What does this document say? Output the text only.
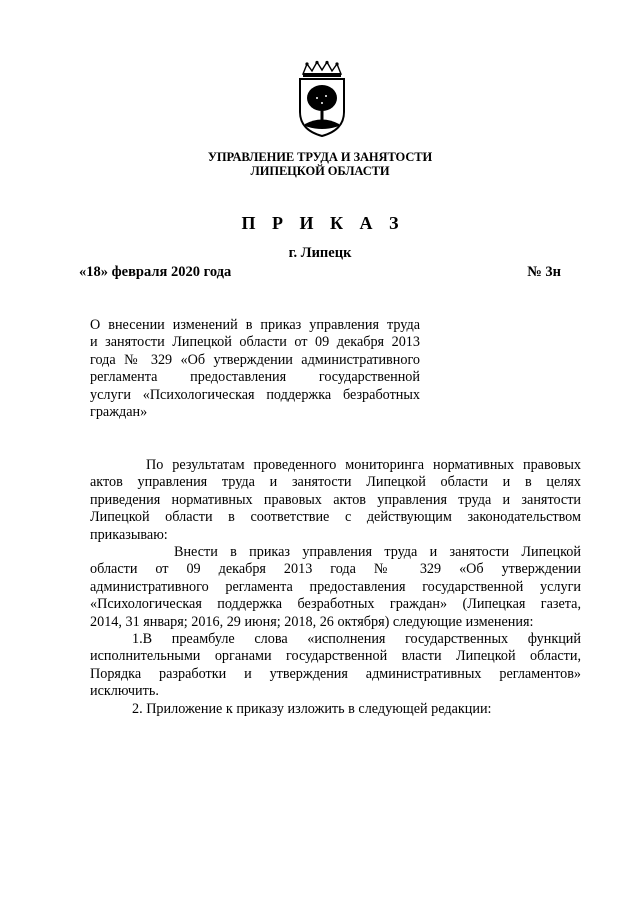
УПРАВЛЕНИЕ ТРУДА И ЗАНЯТОСТИ
ЛИПЕЦКОЙ ОБЛАСТИ
П Р И К А З
г. Липецк
«18» февраля 2020 года	№ 3н
О внесении изменений в приказ управления труда
и занятости Липецкой области от 09 декабря 2013
года № 329 «Об утверждении административного
регламента предоставления государственной
услуги «Психологическая поддержка безработных
граждан»
По результатам проведенного мониторинга нормативных правовых
актов управления труда и занятости Липецкой области и в целях
приведения нормативных правовых актов управления труда и занятости
Липецкой области в соответствие с действующим законодательством
приказываю:
Внести в приказ управления труда и занятости Липецкой
области от 09 декабря 2013 года № 329 «Об утверждении
административного регламента предоставления государственной услуги
«Психологическая поддержка безработных граждан» (Липецкая газета,
2014, 31 января; 2016, 29 июня; 2018, 26 октября) следующие изменения:
1.В преамбуле слова «исполнения государственных функций
исполнительными органами государственной власти Липецкой области,
Порядка разработки и утверждения административных регламентов»
исключить.
2. Приложение к приказу изложить в следующей редакции:
